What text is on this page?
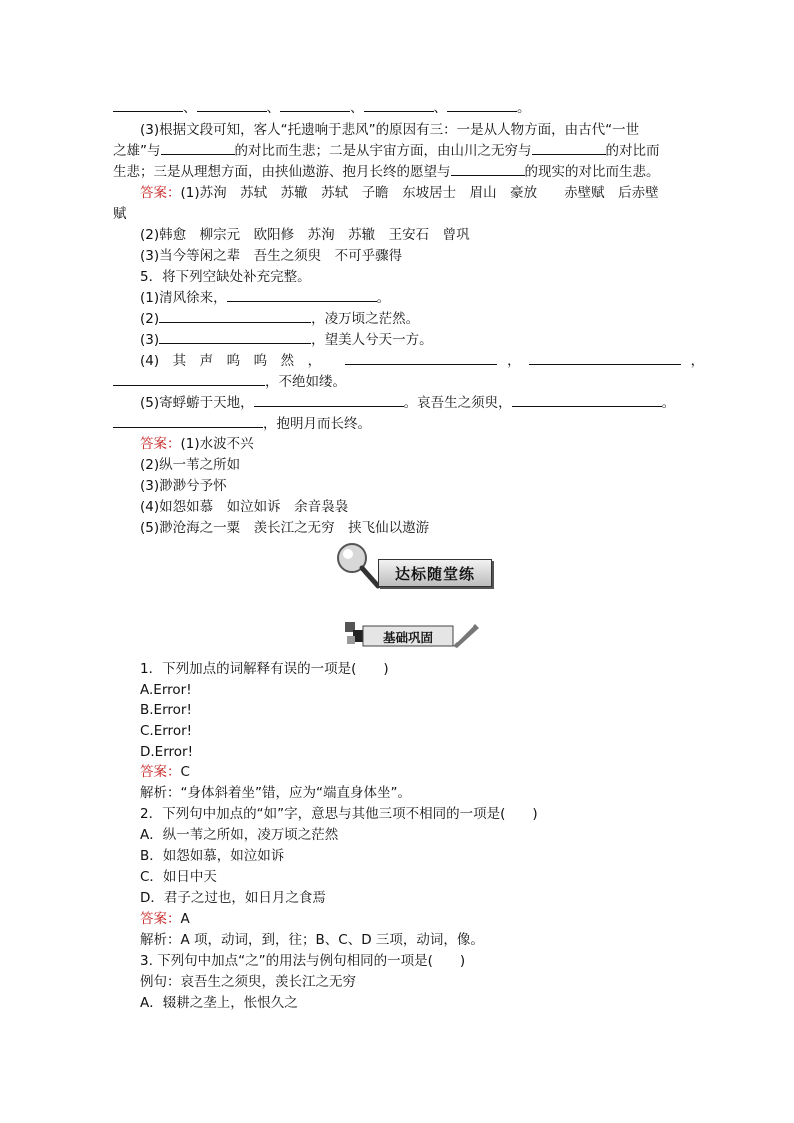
、	、	、	、	。
(3)根据文段可知，客人“托遗响于悲风”的原因有三：一是从人物方面，由古代“一世
之雄”与	的对比而生悲；二是从宇宙方面，由山川之无穷与	的对比而
生悲；三是从理想方面，由挟仙遨游、抱月长终的愿望与	的现实的对比而生悲。
答案：(1)苏洵　苏轼　苏辙　苏轼　子瞻　东坡居士　眉山　豪放　　赤壁赋　后赤壁
赋
(2)韩愈　柳宗元　欧阳修　苏洵　苏辙　王安石　曾巩
(3)当今等闲之辈　吾生之须臾　不可乎骤得
5．将下列空缺处补充完整。
(1)清风徐来，	。
(2)	，凌万顷之茫然。
(3)	，望美人兮天一方。
(4)　其　声　呜　呜　然　，	，	，
，不绝如缕。
(5)寄蜉蝣于天地，	。哀吾生之须臾，	。
，抱明月而长终。
答案：(1)水波不兴
(2)纵一苇之所如
(3)渺渺兮予怀
(4)如怨如慕　如泣如诉　余音袅袅
(5)渺沧海之一粟　羡长江之无穷　挟飞仙以遨游
达标随堂练
基础巩固
1．下列加点的词解释有误的一项是(　　)
A.Error!
B.Error!
C.Error!
D.Error!
答案：C
解析：“身体斜着坐”错，应为“端直身体坐”。
2．下列句中加点的“如”字，意思与其他三项不相同的一项是(　　)
A．纵一苇之所如，凌万顷之茫然
B．如怨如慕，如泣如诉
C．如日中天
D．君子之过也，如日月之食焉
答案：A
解析：A 项，动词，到，往；B、C、D 三项，动词，像。
3. 下列句中加点“之”的用法与例句相同的一项是(　　)
例句：哀吾生之须臾，羡长江之无穷
A．辍耕之垄上，怅恨久之
